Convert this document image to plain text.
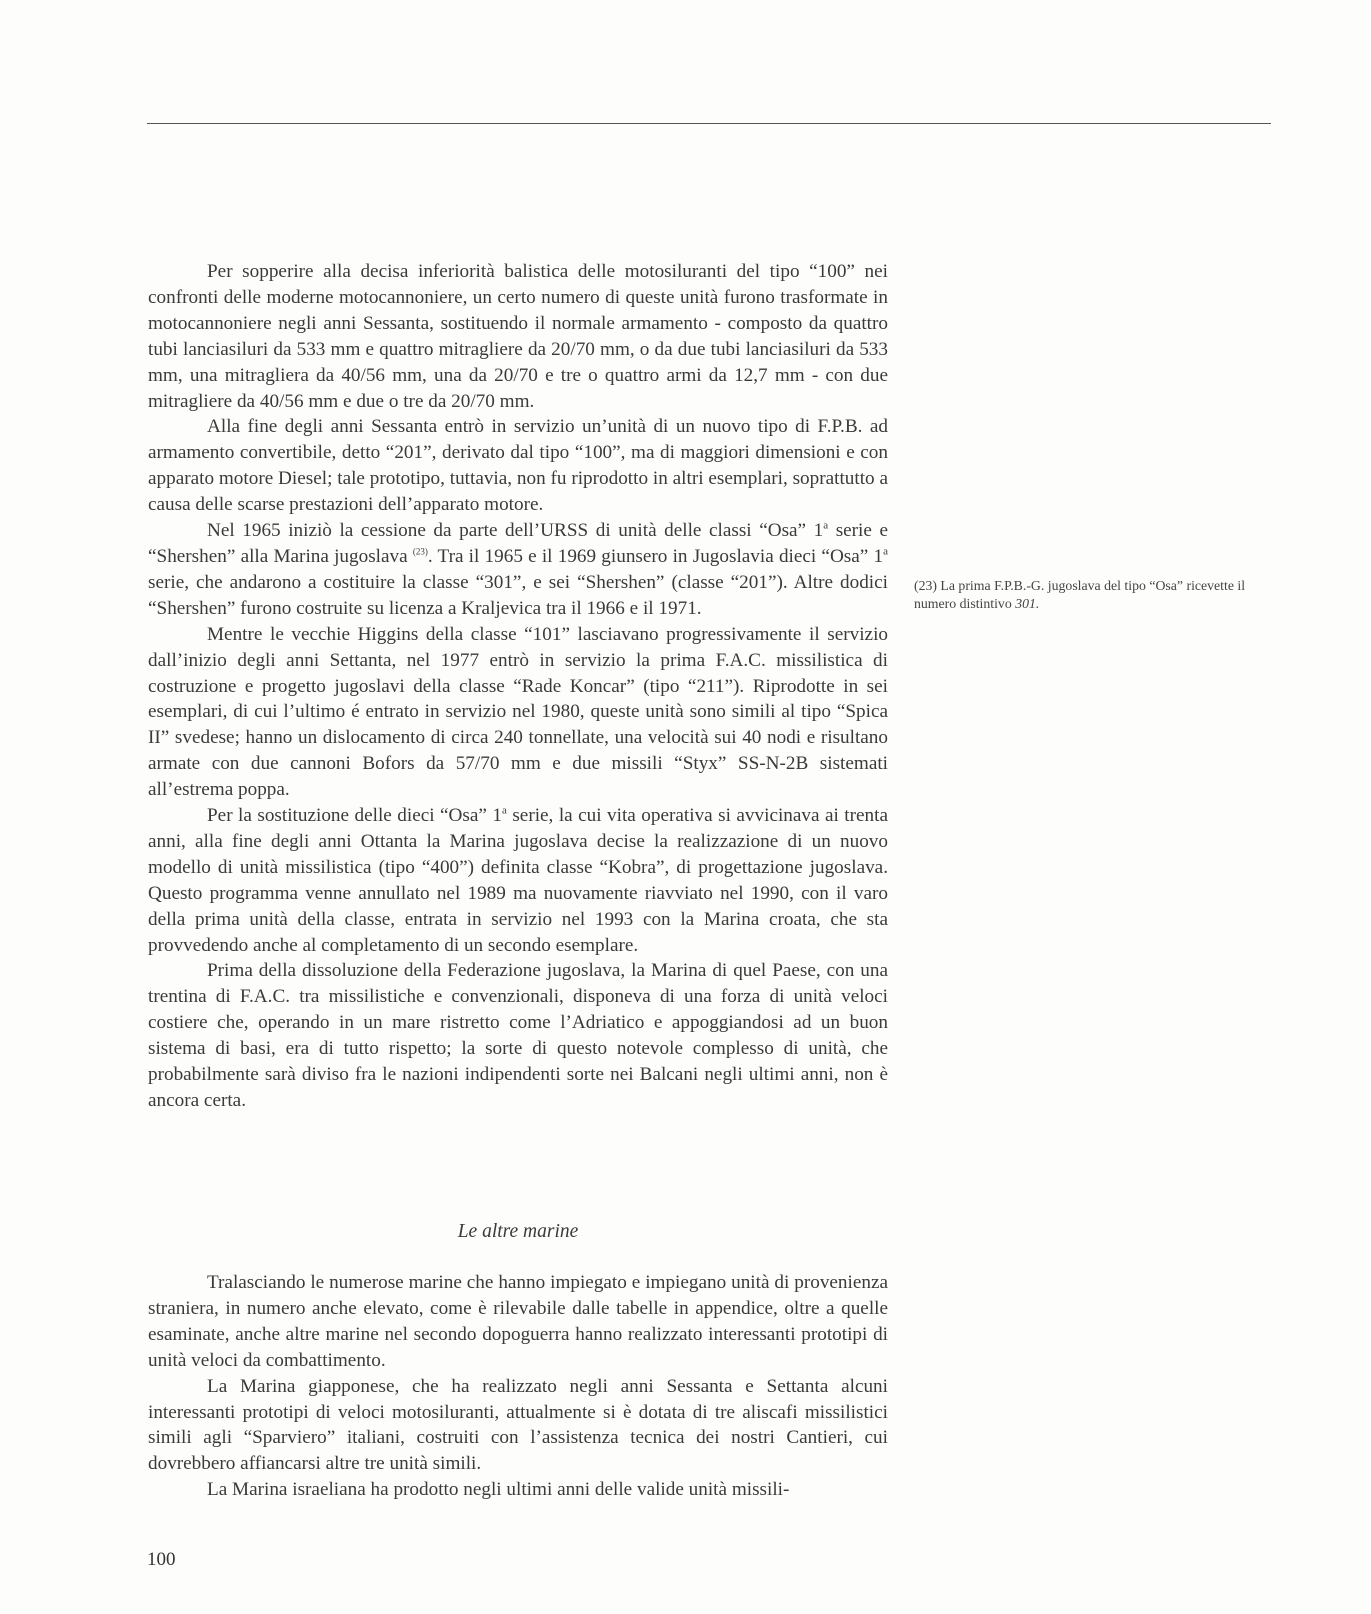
Per sopperire alla decisa inferiorità balistica delle motosiluranti del tipo “100” nei confronti delle moderne motocannoniere, un certo numero di queste unità furono trasformate in motocannoniere negli anni Sessanta, sostituendo il normale armamento - composto da quattro tubi lanciasiluri da 533 mm e quattro mitragliere da 20/70 mm, o da due tubi lanciasiluri da 533 mm, una mitragliera da 40/56 mm, una da 20/70 e tre o quattro armi da 12,7 mm - con due mitragliere da 40/56 mm e due o tre da 20/70 mm.

Alla fine degli anni Sessanta entrò in servizio un’unità di un nuovo tipo di F.P.B. ad armamento convertibile, detto “201”, derivato dal tipo “100”, ma di maggiori dimensioni e con apparato motore Diesel; tale prototipo, tuttavia, non fu riprodotto in altri esemplari, soprattutto a causa delle scarse prestazioni dell’apparato motore.

Nel 1965 iniziò la cessione da parte dell’URSS di unità delle classi “Osa” 1$^a$ serie e “Shershen” alla Marina jugoslava $^{(23)}$. Tra il 1965 e il 1969 giunsero in Jugoslavia dieci “Osa” 1$^a$ serie, che andarono a costituire la classe “301”, e sei “Shershen” (classe “201”). Altre dodici “Shershen” furono costruite su licenza a Kraljevica tra il 1966 e il 1971.

Mentre le vecchie Higgins della classe “101” lasciavano progressivamente il servizio dall’inizio degli anni Settanta, nel 1977 entrò in servizio la prima F.A.C. missilistica di costruzione e progetto jugoslavi della classe “Rade Koncar” (tipo “211”). Riprodotte in sei esemplari, di cui l’ultimo é entrato in servizio nel 1980, queste unità sono simili al tipo “Spica II” svedese; hanno un dislocamento di circa 240 tonnellate, una velocità sui 40 nodi e risultano armate con due cannoni Bofors da 57/70 mm e due missili “Styx” SS-N-2B sistemati all’estrema poppa.

Per la sostituzione delle dieci “Osa” 1$^a$ serie, la cui vita operativa si avvicinava ai trenta anni, alla fine degli anni Ottanta la Marina jugoslava decise la realizzazione di un nuovo modello di unità missilistica (tipo “400”) definita classe “Kobra”, di progettazione jugoslava. Questo programma venne annullato nel 1989 ma nuovamente riavviato nel 1990, con il varo della prima unità della classe, entrata in servizio nel 1993 con la Marina croata, che sta provvedendo anche al completamento di un secondo esemplare.

Prima della dissoluzione della Federazione jugoslava, la Marina di quel Paese, con una trentina di F.A.C. tra missilistiche e convenzionali, disponeva di una forza di unità veloci costiere che, operando in un mare ristretto come l’Adriatico e appoggiandosi ad un buon sistema di basi, era di tutto rispetto; la sorte di questo notevole complesso di unità, che probabilmente sarà diviso fra le nazioni indipendenti sorte nei Balcani negli ultimi anni, non è ancora certa.

Le altre marine

Tralasciando le numerose marine che hanno impiegato e impiegano unità di provenienza straniera, in numero anche elevato, come è rilevabile dalle tabelle in appendice, oltre a quelle esaminate, anche altre marine nel secondo dopoguerra hanno realizzato interessanti prototipi di unità veloci da combattimento.

La Marina giapponese, che ha realizzato negli anni Sessanta e Settanta alcuni interessanti prototipi di veloci motosiluranti, attualmente si è dotata di tre aliscafi missilistici simili agli “Sparviero” italiani, costruiti con l’assistenza tecnica dei nostri Cantieri, cui dovrebbero affiancarsi altre tre unità simili.

La Marina israeliana ha prodotto negli ultimi anni delle valide unità missili-

(23) La prima F.P.B.-G. jugoslava del tipo “Osa” ricevette il numero distintivo 301.
100
